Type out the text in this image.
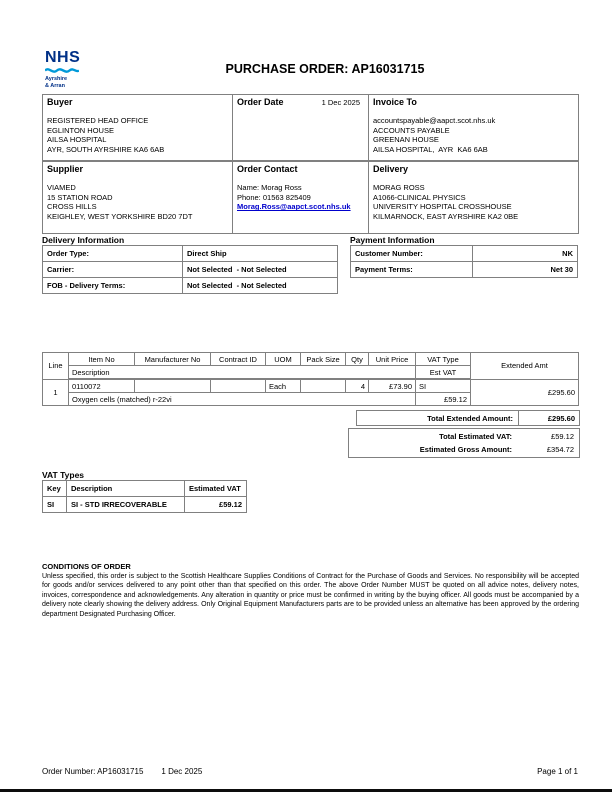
NHS
Ayrshire
& Arran
PURCHASE ORDER: AP16031715
Buyer
REGISTERED HEAD OFFICE
EGLINTON HOUSE
AILSA HOSPITAL
AYR, SOUTH AYRSHIRE KA6 6AB

Order Date	1 Dec 2025	Invoice To
accountspayable@aapct.scot.nhs.uk
ACCOUNTS PAYABLE
GREENAN HOUSE
AILSA HOSPITAL,  AYR  KA6 6AB

Supplier
VIAMED
15 STATION ROAD
CROSS HILLS
KEIGHLEY, WEST YORKSHIRE BD20 7DT

Order Contact
Name: Morag Ross
Phone: 01563 825409
Morag.Ross@aapct.scot.nhs.uk	
Delivery
MORAG ROSS
A1066-CLINICAL PHYSICS
UNIVERSITY HOSPITAL CROSSHOUSE
KILMARNOCK, EAST AYRSHIRE KA2 0BE
Delivery Information
Order Type:	Direct Ship
Carrier:	Not Selected  - Not Selected
FOB - Delivery Terms:	Not Selected  - Not Selected
Payment Information
Customer Number:	NK
Payment Terms:	Net 30
Line	Item No	Manufacturer No	Contract ID	UOM	Pack Size	Qty	Unit Price	VAT Type	Extended Amt
	Description							Est VAT	
1	0110072			Each		4	£73.90	SI	£295.60
	Oxygen cells (matched) r-22vi							£59.12	
Total Extended Amount:	£295.60
Total Estimated VAT:	£59.12
Estimated Gross Amount:	£354.72
VAT Types
Key	Description	Estimated VAT
SI	SI - STD IRRECOVERABLE	£59.12
CONDITIONS OF ORDER
Unless specified, this order is subject to the Scottish Healthcare Supplies Conditions of Contract for the Purchase of Goods and Services. No responsibility will be accepted for goods and/or services delivered to any point other than that specified on this order. The above Order Number MUST be quoted on all advice notes, delivery notes, invoices, correspondence and acknowledgements. Any alteration in quantity or price must be confirmed in writing by the buying officer. All goods must be accompanied by a delivery note clearly showing the delivery address. Only Original Equipment Manufacturers parts are to be provided unless an alternative has been approved by the ordering department Designated Purchasing Officer.
Order Number: AP16031715 1 Dec 2025	Page 1 of 1
